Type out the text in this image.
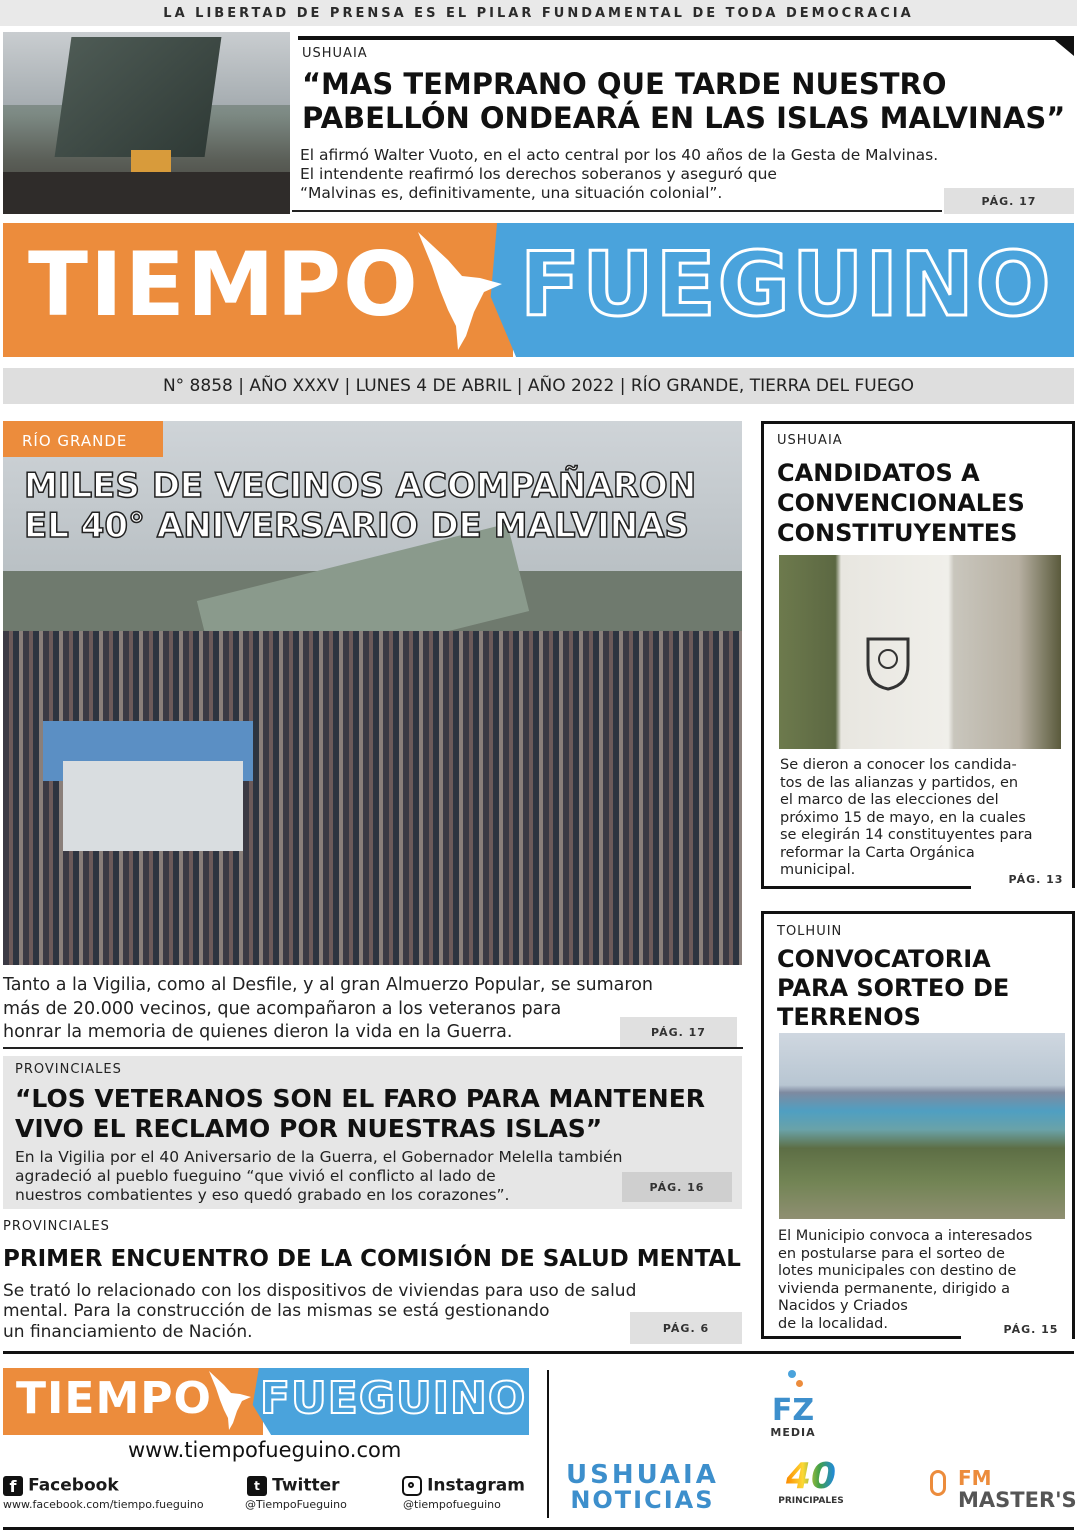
LA LIBERTAD DE PRENSA ES EL PILAR FUNDAMENTAL DE TODA DEMOCRACIA
USHUAIA
“MAS TEMPRANO QUE TARDE NUESTRO
PABELLÓN ONDEARÁ EN LAS ISLAS MALVINAS”
El afirmó Walter Vuoto, en el acto central por los 40 años de la Gesta de Malvinas.
El intendente reafirmó los derechos soberanos y aseguró que
“Malvinas es, definitivamente, una situación colonial”.	PÁG. 17
TIEMPO FUEGUINO
N° 8858 | AÑO XXXV | LUNES 4 DE ABRIL | AÑO 2022 | RÍO GRANDE, TIERRA DEL FUEGO
RÍO GRANDE
MILES DE VECINOS ACOMPAÑARON
EL 40° ANIVERSARIO DE MALVINAS
Tanto a la Vigilia, como al Desfile, y al gran Almuerzo Popular, se sumaron
más de 20.000 vecinos, que acompañaron a los veteranos para
honrar la memoria de quienes dieron la vida en la Guerra.	PÁG. 17
PROVINCIALES
“LOS VETERANOS SON EL FARO PARA MANTENER
VIVO EL RECLAMO POR NUESTRAS ISLAS”
En la Vigilia por el 40 Aniversario de la Guerra, el Gobernador Melella también
agradeció al pueblo fueguino “que vivió el conflicto al lado de
nuestros combatientes y eso quedó grabado en los corazones”.	PÁG. 16
PROVINCIALES
PRIMER ENCUENTRO DE LA COMISIÓN DE SALUD MENTAL
Se trató lo relacionado con los dispositivos de viviendas para uso de salud
mental. Para la construcción de las mismas se está gestionando
un financiamiento de Nación.	PÁG. 6
USHUAIA
CANDIDATOS A
CONVENCIONALES
CONSTITUYENTES
Se dieron a conocer los candida-
tos de las alianzas y partidos, en
el marco de las elecciones del
próximo 15 de mayo, en la cuales
se elegirán 14 constituyentes para
reformar la Carta Orgánica
municipal.
PÁG. 13
TOLHUIN
CONVOCATORIA
PARA SORTEO DE
TERRENOS
El Municipio convoca a interesados
en postularse para el sorteo de
lotes municipales con destino de
vivienda permanente, dirigido a
Nacidos y Criados
de la localidad.	PÁG. 15
TIEMPO FUEGUINO
www.tiempofueguino.com
f Facebook
www.facebook.com/tiempo.fueguino
t Twitter
@TiempoFueguino
Instagram
@tiempofueguino
FZ
MEDIA
USHUAIA
NOTICIAS
40
PRINCIPALES
FM
MASTER'S
